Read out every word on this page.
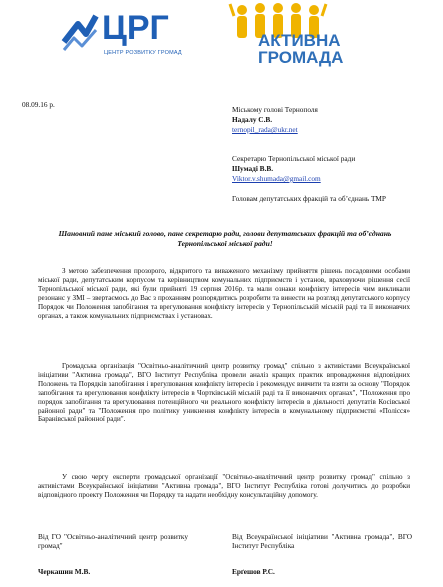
ЦРГ
ЦЕНТР РОЗВИТКУ ГРОМАД
АКТИВНА
ГРОМАДА
08.09.16 р.
Міському голові Тернополя
Надалу С.В.
ternopil_rada@ukr.net
Секретарю Тернопільської міської ради
Шумаді В.В.
Viktor.v.shumada@gmail.com
Головам депутатських фракцій та об’єднань ТМР
Шановний пане міський голово, пане секретарю ради, голови депутатських фракцій та об’єднань Тернопільської міської ради!
З метою забезпечення прозорого, відкритого та виваженого механізму прийняття рішень посадовими особами міської ради, депутатським корпусом та керівництвом комунальних підприємств і установ, враховуючи рішення сесії Тернопільської міської ради, які були прийняті 19 серпня 2016р. та мали ознаки конфлікту інтересів чим викликали резонанс у ЗМІ – звертаємось до Вас з проханням розпорядитись розробити та винести на розгляд депутатського корпусу Порядок чи Положення запобігання та врегулювання конфлікту інтересів у Тернопільській міській раді та її виконавчих органах, а також комунальних підприємствах і установах.
Громадська організація "Освітньо-аналітичний центр розвитку громад" спільно з активістами Всеукраїнської ініціативи "Активна громада", ВГО Інститут Республіка провели аналіз кращих практик впровадження відповідних Положень та Порядків запобігання і врегулювання конфлікту інтересів і рекомендує вивчити та взяти за основу "Порядок запобігання та врегулювання конфлікту інтересів в Чортківській міській раді та її виконавчих органах", "Положення про порядок запобігання та врегулювання потенційного чи реального конфлікту інтересів в діяльності депутатів Косівської районної ради" та "Положення про політику уникнення конфлікту інтересів в комунальному підприємстві «Полісся» Баранівської районної ради".
У свою чергу експерти громадської організації "Освітньо-аналітичний центр розвитку громад" спільно з активістами Всеукраїнської ініціативи "Активна громада", ВГО Інститут Республіка готові долучитись до розробки відповідного проекту Положення чи Порядку та надати необхідну консультаційну допомогу.
Від ГО "Освітньо-аналітичний центр розвитку громад"
Від Всеукраїнської ініціативи "Активна громада", ВГО Інститут Республіка
Черкашин М.В.	Ерґешов Р.С.
